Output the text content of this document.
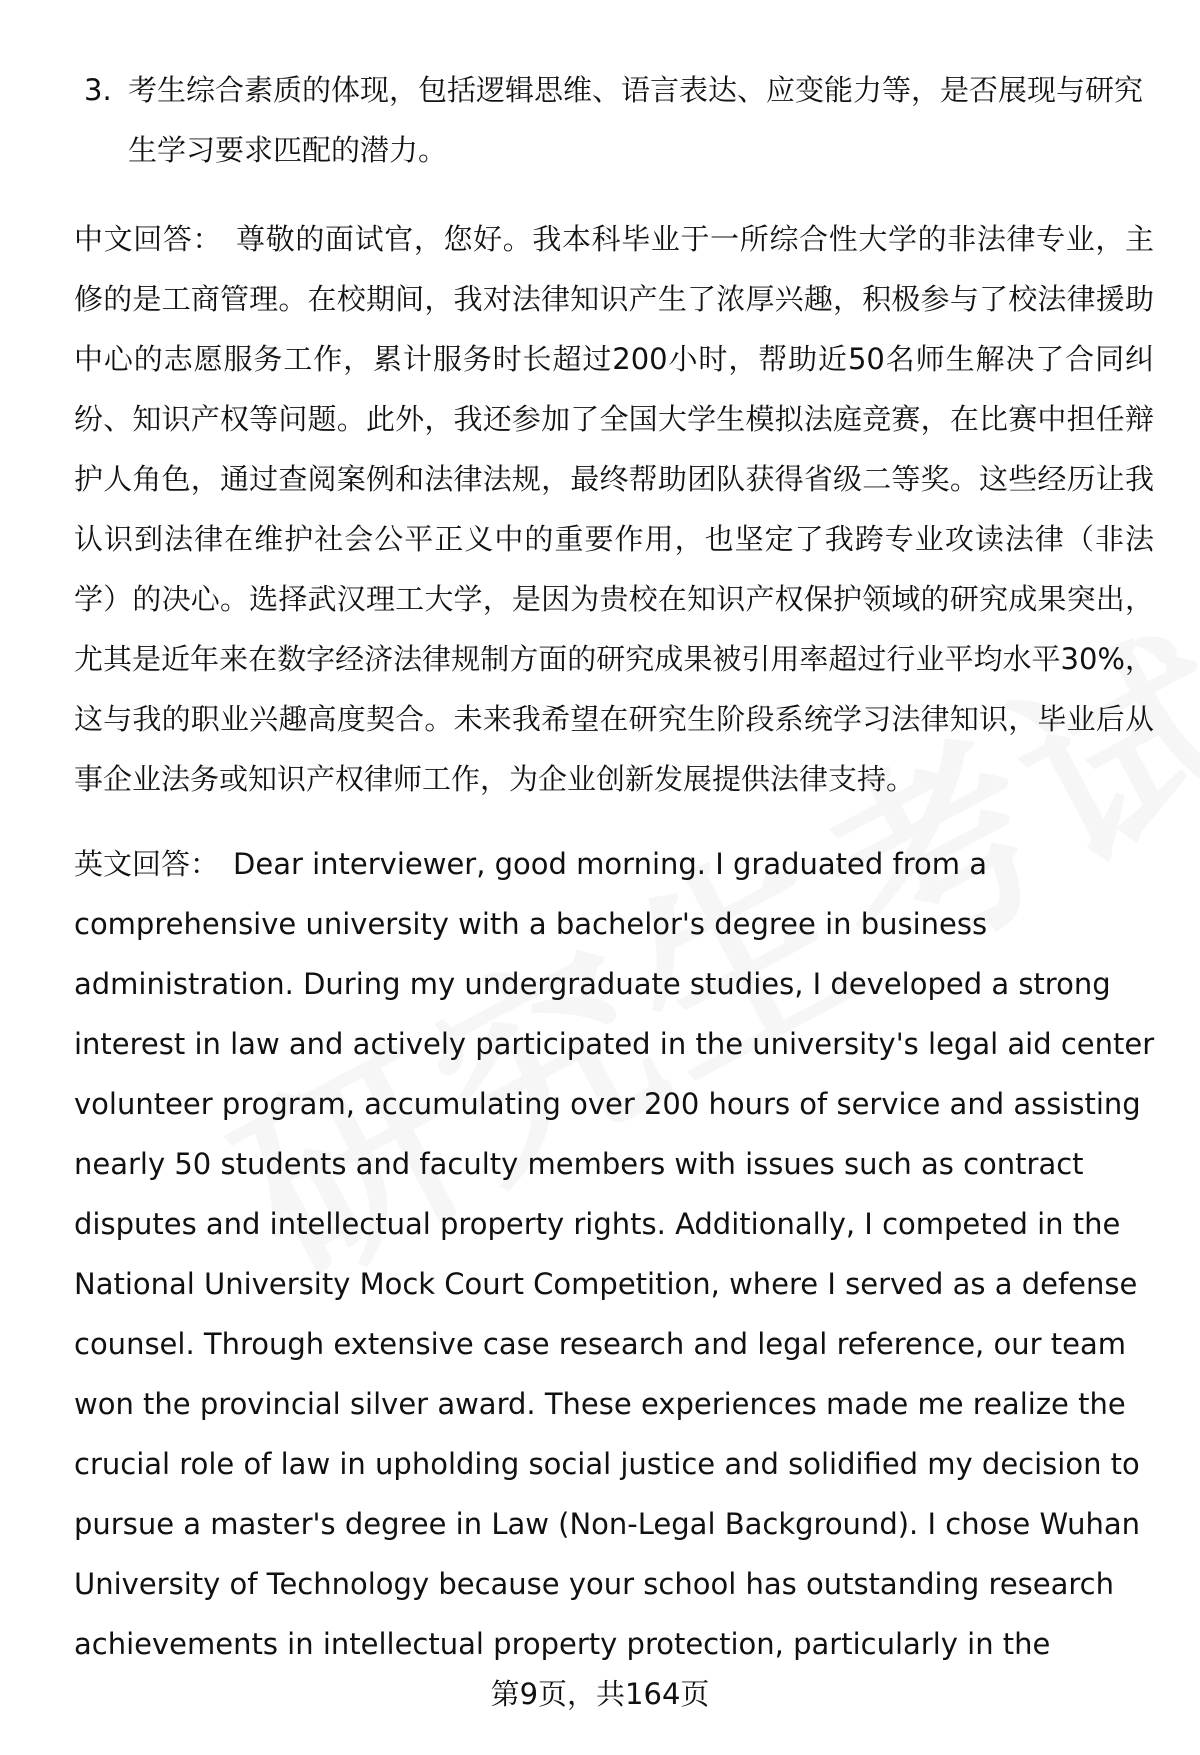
3. 考生综合素质的体现，包括逻辑思维、语言表达、应变能力等，是否展现与研究生学习要求匹配的潜力。
中文回答： 尊敬的面试官，您好。我本科毕业于一所综合性大学的非法律专业，主修的是工商管理。在校期间，我对法律知识产生了浓厚兴趣，积极参与了校法律援助中心的志愿服务工作，累计服务时长超过200小时，帮助近50名师生解决了合同纠纷、知识产权等问题。此外，我还参加了全国大学生模拟法庭竞赛，在比赛中担任辩护人角色，通过查阅案例和法律法规，最终帮助团队获得省级二等奖。这些经历让我认识到法律在维护社会公平正义中的重要作用，也坚定了我跨专业攻读法律（非法学）的决心。选择武汉理工大学，是因为贵校在知识产权保护领域的研究成果突出，尤其是近年来在数字经济法律规制方面的研究成果被引用率超过行业平均水平30%，这与我的职业兴趣高度契合。未来我希望在研究生阶段系统学习法律知识，毕业后从事企业法务或知识产权律师工作，为企业创新发展提供法律支持。
英文回答： Dear interviewer, good morning. I graduated from a
comprehensive university with a bachelor's degree in business
administration. During my undergraduate studies, I developed a strong
interest in law and actively participated in the university's legal aid center
volunteer program, accumulating over 200 hours of service and assisting
nearly 50 students and faculty members with issues such as contract
disputes and intellectual property rights. Additionally, I competed in the
National University Mock Court Competition, where I served as a defense
counsel. Through extensive case research and legal reference, our team
won the provincial silver award. These experiences made me realize the
crucial role of law in upholding social justice and solidified my decision to
pursue a master's degree in Law (Non-Legal Background). I chose Wuhan
University of Technology because your school has outstanding research
achievements in intellectual property protection, particularly in the
第9页，共164页
